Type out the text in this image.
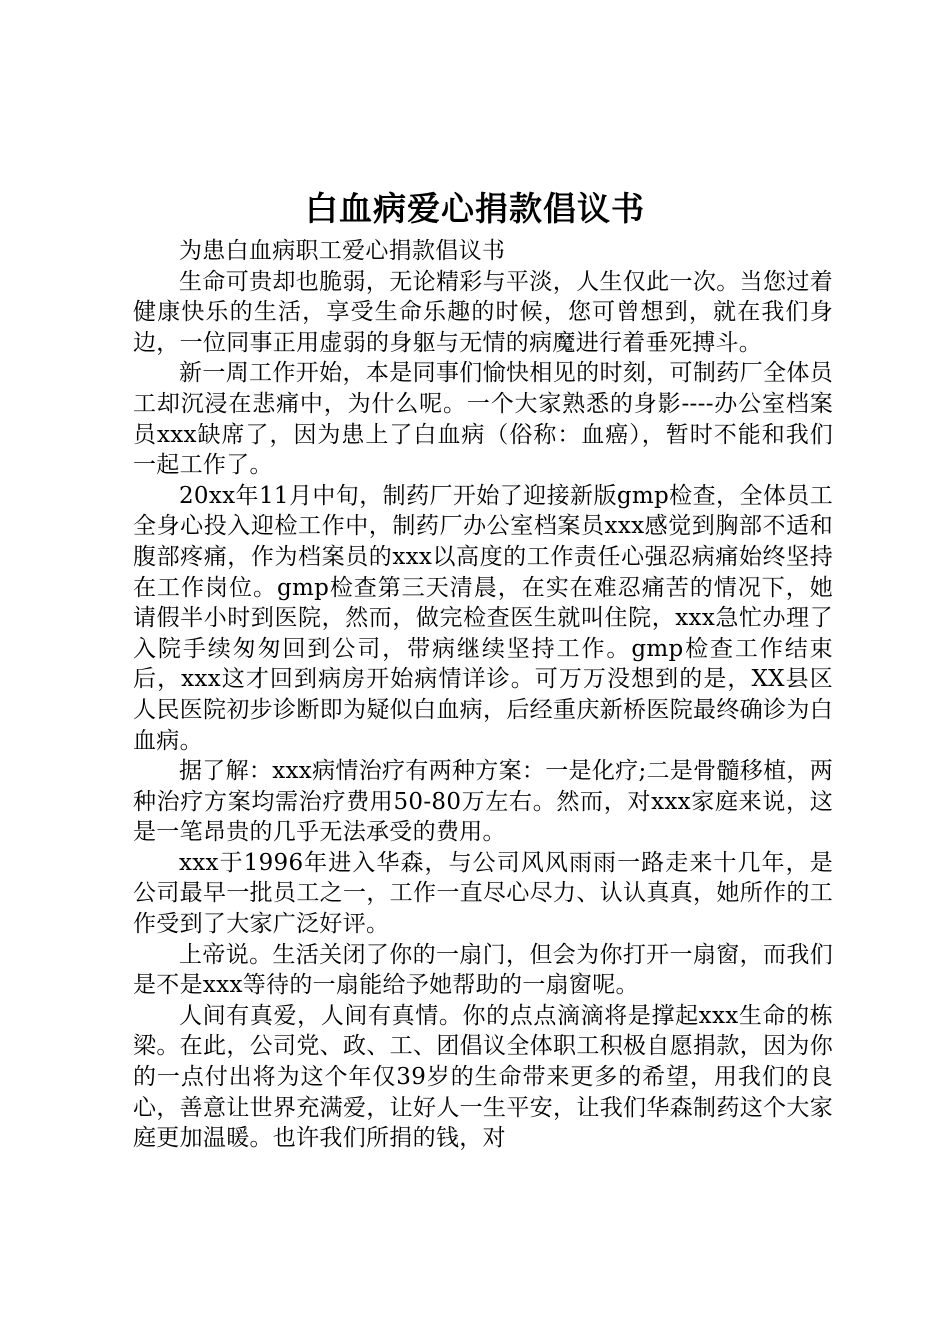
白血病爱心捐款倡议书

为患白血病职工爱心捐款倡议书

生命可贵却也脆弱，无论精彩与平淡，人生仅此一次。当您过着健康快乐的生活，享受生命乐趣的时候，您可曾想到，就在我们身边，一位同事正用虚弱的身躯与无情的病魔进行着垂死搏斗。

新一周工作开始，本是同事们愉快相见的时刻，可制药厂全体员工却沉浸在悲痛中，为什么呢。一个大家熟悉的身影----办公室档案员xxx缺席了，因为患上了白血病（俗称：血癌），暂时不能和我们一起工作了。

20xx年11月中旬，制药厂开始了迎接新版gmp检查，全体员工全身心投入迎检工作中，制药厂办公室档案员xxx感觉到胸部不适和腹部疼痛，作为档案员的xxx以高度的工作责任心强忍病痛始终坚持在工作岗位。gmp检查第三天清晨，在实在难忍痛苦的情况下，她请假半小时到医院，然而，做完检查医生就叫住院，xxx急忙办理了入院手续匆匆回到公司，带病继续坚持工作。gmp检查工作结束后，xxx这才回到病房开始病情详诊。可万万没想到的是，XX县区人民医院初步诊断即为疑似白血病，后经重庆新桥医院最终确诊为白血病。

据了解：xxx病情治疗有两种方案：一是化疗;二是骨髓移植，两种治疗方案均需治疗费用50-80万左右。然而，对xxx家庭来说，这是一笔昂贵的几乎无法承受的费用。

xxx于1996年进入华森，与公司风风雨雨一路走来十几年，是公司最早一批员工之一，工作一直尽心尽力、认认真真，她所作的工作受到了大家广泛好评。

上帝说。生活关闭了你的一扇门，但会为你打开一扇窗，而我们是不是xxx等待的一扇能给予她帮助的一扇窗呢。

人间有真爱，人间有真情。你的点点滴滴将是撑起xxx生命的栋梁。在此，公司党、政、工、团倡议全体职工积极自愿捐款，因为你的一点付出将为这个年仅39岁的生命带来更多的希望，用我们的良心，善意让世界充满爱，让好人一生平安，让我们华森制药这个大家庭更加温暖。也许我们所捐的钱，对
